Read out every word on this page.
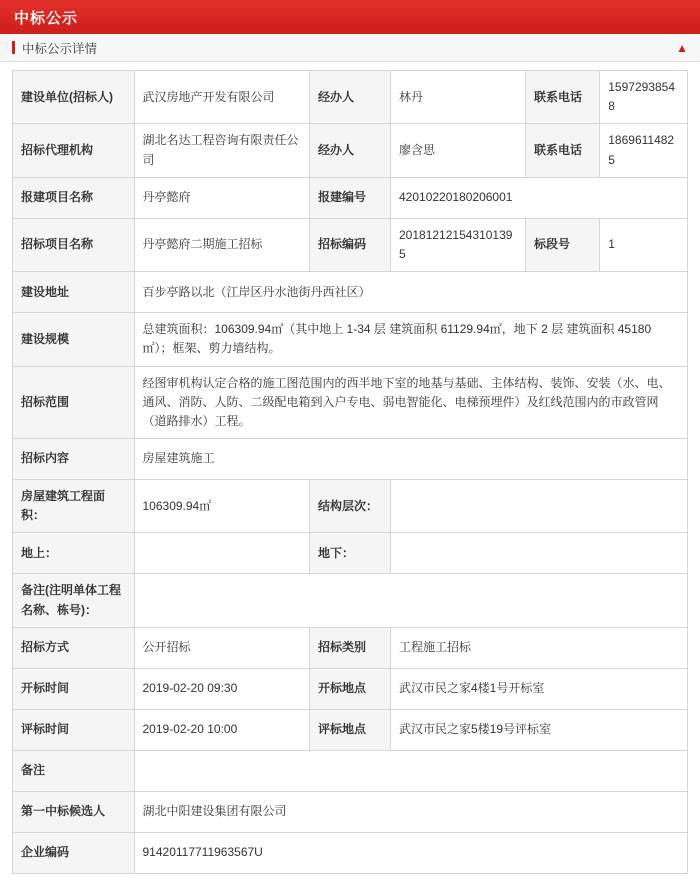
中标公示
中标公示详情	▲
建设单位(招标人)	武汉房地产开发有限公司	经办人	林丹	联系电话	15972938548
招标代理机构	湖北名达工程咨询有限责任公司	经办人	廖含思	联系电话	18696114825
报建项目名称	丹亭懿府	报建编号	42010220180206001		
招标项目名称	丹亭懿府二期施工招标	招标编码	201812121543101395	标段号	1
建设地址	百步亭路以北（江岸区丹水池街丹西社区）				
建设规模	总建筑面积：106309.94㎡（其中地上 1-34 层 建筑面积 61129.94㎡，地下 2 层 建筑面积 45180㎡）；框架、剪力墙结构。				
招标范围	经图审机构认定合格的施工图范围内的西半地下室的地基与基础、主体结构、装饰、安装（水、电、通风、消防、人防、二级配电箱到入户专电、弱电智能化、电梯预埋件）及红线范围内的市政管网（道路排水）工程。				
招标内容	房屋建筑施工				
房屋建筑工程面积：	106309.94㎡	结构层次：			
地上：		地下：			
备注(注明单体工程名称、栋号)：					
招标方式	公开招标	招标类别	工程施工招标		
开标时间	2019-02-20 09:30	开标地点	武汉市民之家4楼1号开标室		
评标时间	2019-02-20 10:00	评标地点	武汉市民之家5楼19号评标室		
备注					
第一中标候选人	湖北中阳建设集团有限公司				
企业编码	91420117711963567U				
